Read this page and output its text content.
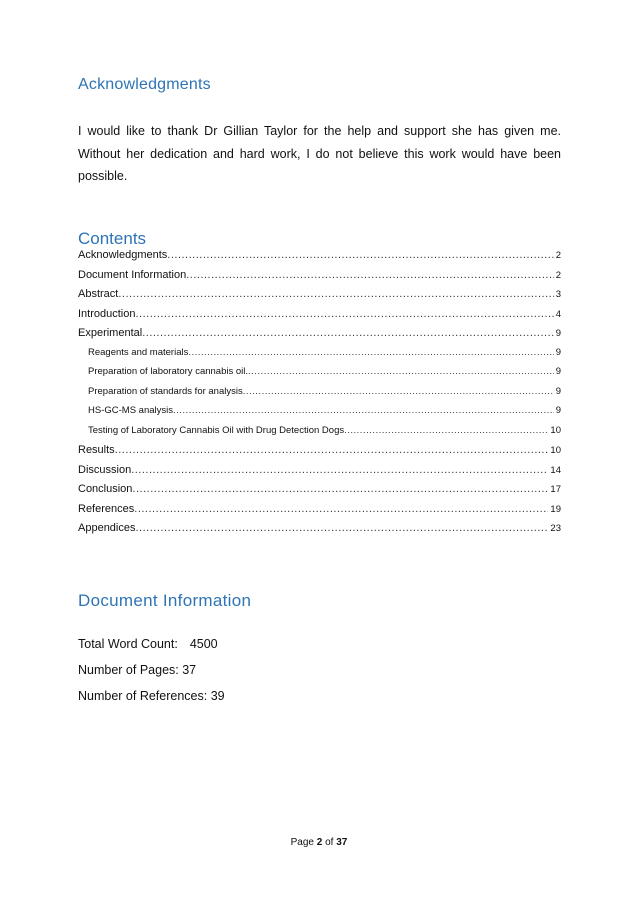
Acknowledgments

I would like to thank Dr Gillian Taylor for the help and support she has given me. Without her dedication and hard work, I do not believe this work would have been possible.

Contents
Acknowledgments .....	2
Document Information .....	2
Abstract .....	3
Introduction .....	4
Experimental .....	9
Reagents and materials .....	9
Preparation of laboratory cannabis oil. .....	9
Preparation of standards for analysis .....	9
HS-GC-MS analysis .....	9
Testing of Laboratory Cannabis Oil with Drug Detection Dogs .....	10
Results .....	10
Discussion .....	14
Conclusion .....	17
References .....	19
Appendices .....	23
Document Information

Total Word Count: 4500

Number of Pages: 37

Number of References: 39

Page 2 of 37
